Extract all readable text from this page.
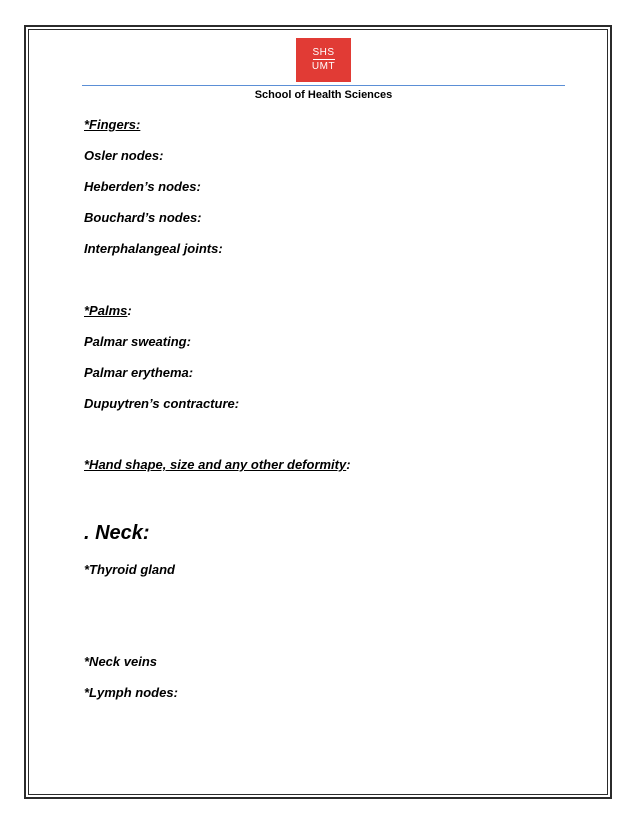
SHS
UMT
School of Health Sciences
*Fingers:
Osler nodes:
Heberden’s nodes:
Bouchard’s nodes:
Interphalangeal joints:
*Palms:
Palmar sweating:
Palmar erythema:
Dupuytren’s contracture:
*Hand shape, size and any other deformity:
. Neck:
*Thyroid gland
*Neck veins
*Lymph nodes:
